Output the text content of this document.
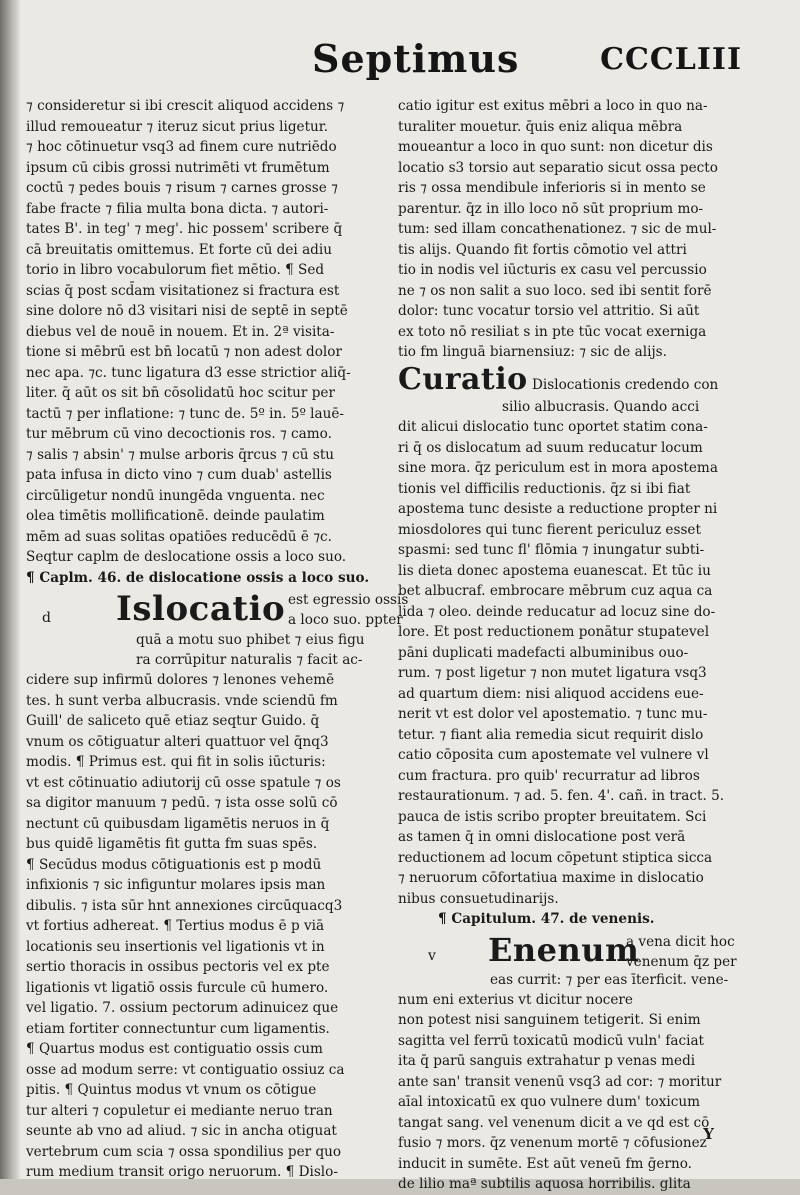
Septimus	CCCLIII

⁊ consideretur si ibi crescit aliquod accidens ⁊

illud remoueatur ⁊ iteruz sicut prius ligetur.

⁊ hoc cōtinuetur vsq3 ad finem cure nutriēdo

ipsum cū cibis grossi nutrimēti vt frumētum

coctū ⁊ pedes bouis ⁊ risum ⁊ carnes grosse ⁊

fabe fracte ⁊ filia multa bona dicta. ⁊ autori-

tates B'. in teg' ⁊ meg'. hic possem' scribere q̄

cā breuitatis omittemus. Et forte cū dei adiu

torio in libro vocabulorum fiet mētio. ¶ Sed

scias q̄ post scd̄am visitationez si fractura est

sine dolore nō d3 visitari nisi de septē in septē

diebus vel de nouē in nouem. Et in. 2ª visita-

tione si mēbrū est bn̄ locatū ⁊ non adest dolor

nec apa. ⁊c. tunc ligatura d3 esse strictior aliq̄-

liter. q̄ aūt os sit bn̄ cōsolidatū hoc scitur per

tactū ⁊ per inflatione: ⁊ tunc de. 5º in. 5º lauē-

tur mēbrum cū vino decoctionis ros. ⁊ camo.

⁊ salis ⁊ absin' ⁊ mulse arboris q̄rcus ⁊ cū stu

pata infusa in dicto vino ⁊ cum duab' astellis

circūligetur nondū inungēda vnguenta. nec

olea timētis mollificationē. deinde paulatim

mēm ad suas solitas opatiōes reducēdū ē ⁊c.

Seqtur caplm de deslocatione ossis a loco suo.

¶ Caplm. 46. de dislocatione ossis a loco suo.

d Islocatio est egressio ossis
a loco suo. ppter
quā a motu suo phibet ⁊ eius figu
ra corrūpitur naturalis ⁊ facit ac-

cidere sup infirmū dolores ⁊ lenones vehemē

tes. h sunt verba albucrasis. vnde sciendū fm

Guill' de saliceto quē etiaz seqtur Guido. q̄

vnum os cōtiguatur alteri quattuor vel q̄nq3

modis. ¶ Primus est. qui fit in solis iūcturis:

vt est cōtinuatio adiutorij cū osse spatule ⁊ os

sa digitor manuum ⁊ pedū. ⁊ ista osse solū cō

nectunt cū quibusdam ligamētis neruos in q̄

bus quidē ligamētis fit gutta fm suas spēs.

¶ Secūdus modus cōtiguationis est p modū

infixionis ⁊ sic infiguntur molares ipsis man

dibulis. ⁊ ista sūr hnt annexiones circūquacq3

vt fortius adhereat. ¶ Tertius modus ē p viā

locationis seu insertionis vel ligationis vt in

sertio thoracis in ossibus pectoris vel ex pte

ligationis vt ligatiō ossis furcule cū humero.

vel ligatio. 7. ossium pectorum adinuicez que

etiam fortiter connectuntur cum ligamentis.

¶ Quartus modus est contiguatio ossis cum

osse ad modum serre: vt contiguatio ossiuz ca

pitis. ¶ Quintus modus vt vnum os cōtigue

tur alteri ⁊ copuletur ei mediante neruo tran

seunte ab vno ad aliud. ⁊ sic in ancha otiguat

vertebrum cum scia ⁊ ossa spondilius per quo

rum medium transit origo neruorum. ¶ Dislo-

catio igitur est exitus mēbri a loco in quo na-

turaliter mouetur. q̄uis eniz aliqua mēbra

moueantur a loco in quo sunt: non dicetur dis

locatio s3 torsio aut separatio sicut ossa pecto

ris ⁊ ossa mendibule inferioris si in mento se

parentur. q̄z in illo loco nō sūt proprium mo-

tum: sed illam concathenationez. ⁊ sic de mul-

tis alijs. Quando fit fortis cōmotio vel attri

tio in nodis vel iūcturis ex casu vel percussio

ne ⁊ os non salit a suo loco. sed ibi sentit forē

dolor: tunc vocatur torsio vel attritio. Si aūt

ex toto nō resiliat s in pte tūc vocat exerniga

tio fm linguā biarnensiuz: ⁊ sic de alijs.

Curatio Dislocationis credendo con

silio albucrasis. Quando acci

dit alicui dislocatio tunc oportet statim cona-

ri q̄ os dislocatum ad suum reducatur locum

sine mora. q̄z periculum est in mora apostema

tionis vel difficilis reductionis. q̄z si ibi fiat

apostema tunc desiste a reductione propter ni

miosdolores qui tunc fierent periculuz esset

spasmi: sed tunc fl' flōmia ⁊ inungatur subti-

lis dieta donec apostema euanescat. Et tūc iu

bet albucraf. embrocare mēbrum cuz aqua ca

lida ⁊ oleo. deinde reducatur ad locuz sine do-

lore. Et post reductionem ponātur stupatevel

pāni duplicati madefacti albuminibus ouo-

rum. ⁊ post ligetur ⁊ non mutet ligatura vsq3

ad quartum diem: nisi aliquod accidens eue-

nerit vt est dolor vel apostematio. ⁊ tunc mu-

tetur. ⁊ fiant alia remedia sicut requirit dislo

catio cōposita cum apostemate vel vulnere vl

cum fractura. pro quib' recurratur ad libros

restaurationum. ⁊ ad. 5. fen. 4'. cañ. in tract. 5.

pauca de istis scribo propter breuitatem. Sci

as tamen q̄ in omni dislocatione post verā

reductionem ad locum cōpetunt stiptica sicca

⁊ neruorum cōfortatiua maxime in dislocatio

nibus consuetudinarijs.

¶ Capitulum. 47. de venenis.

v Enenum
a vena dicit hoc
venenum q̄z per
eas currit: ⁊ per eas īterficit. vene-

num eni exterius vt dicitur nocere

non potest nisi sanguinem tetigerit. Si enim

sagitta vel ferrū toxicatū modicū vuln' faciat

ita q̄ parū sanguis extrahatur p venas medi

ante san' transit venenū vsq3 ad cor: ⁊ moritur

aīal intoxicatū ex quo vulnere dum' toxicum

tangat sang. vel venenum dicit a ve qd est cō

fusio ⁊ mors. q̄z venenum mortē ⁊ cōfusionez

inducit in sumēte. Est aūt veneū fm ḡerno.

de lilio maª subtilis aquosa horribilis. glita

Y
